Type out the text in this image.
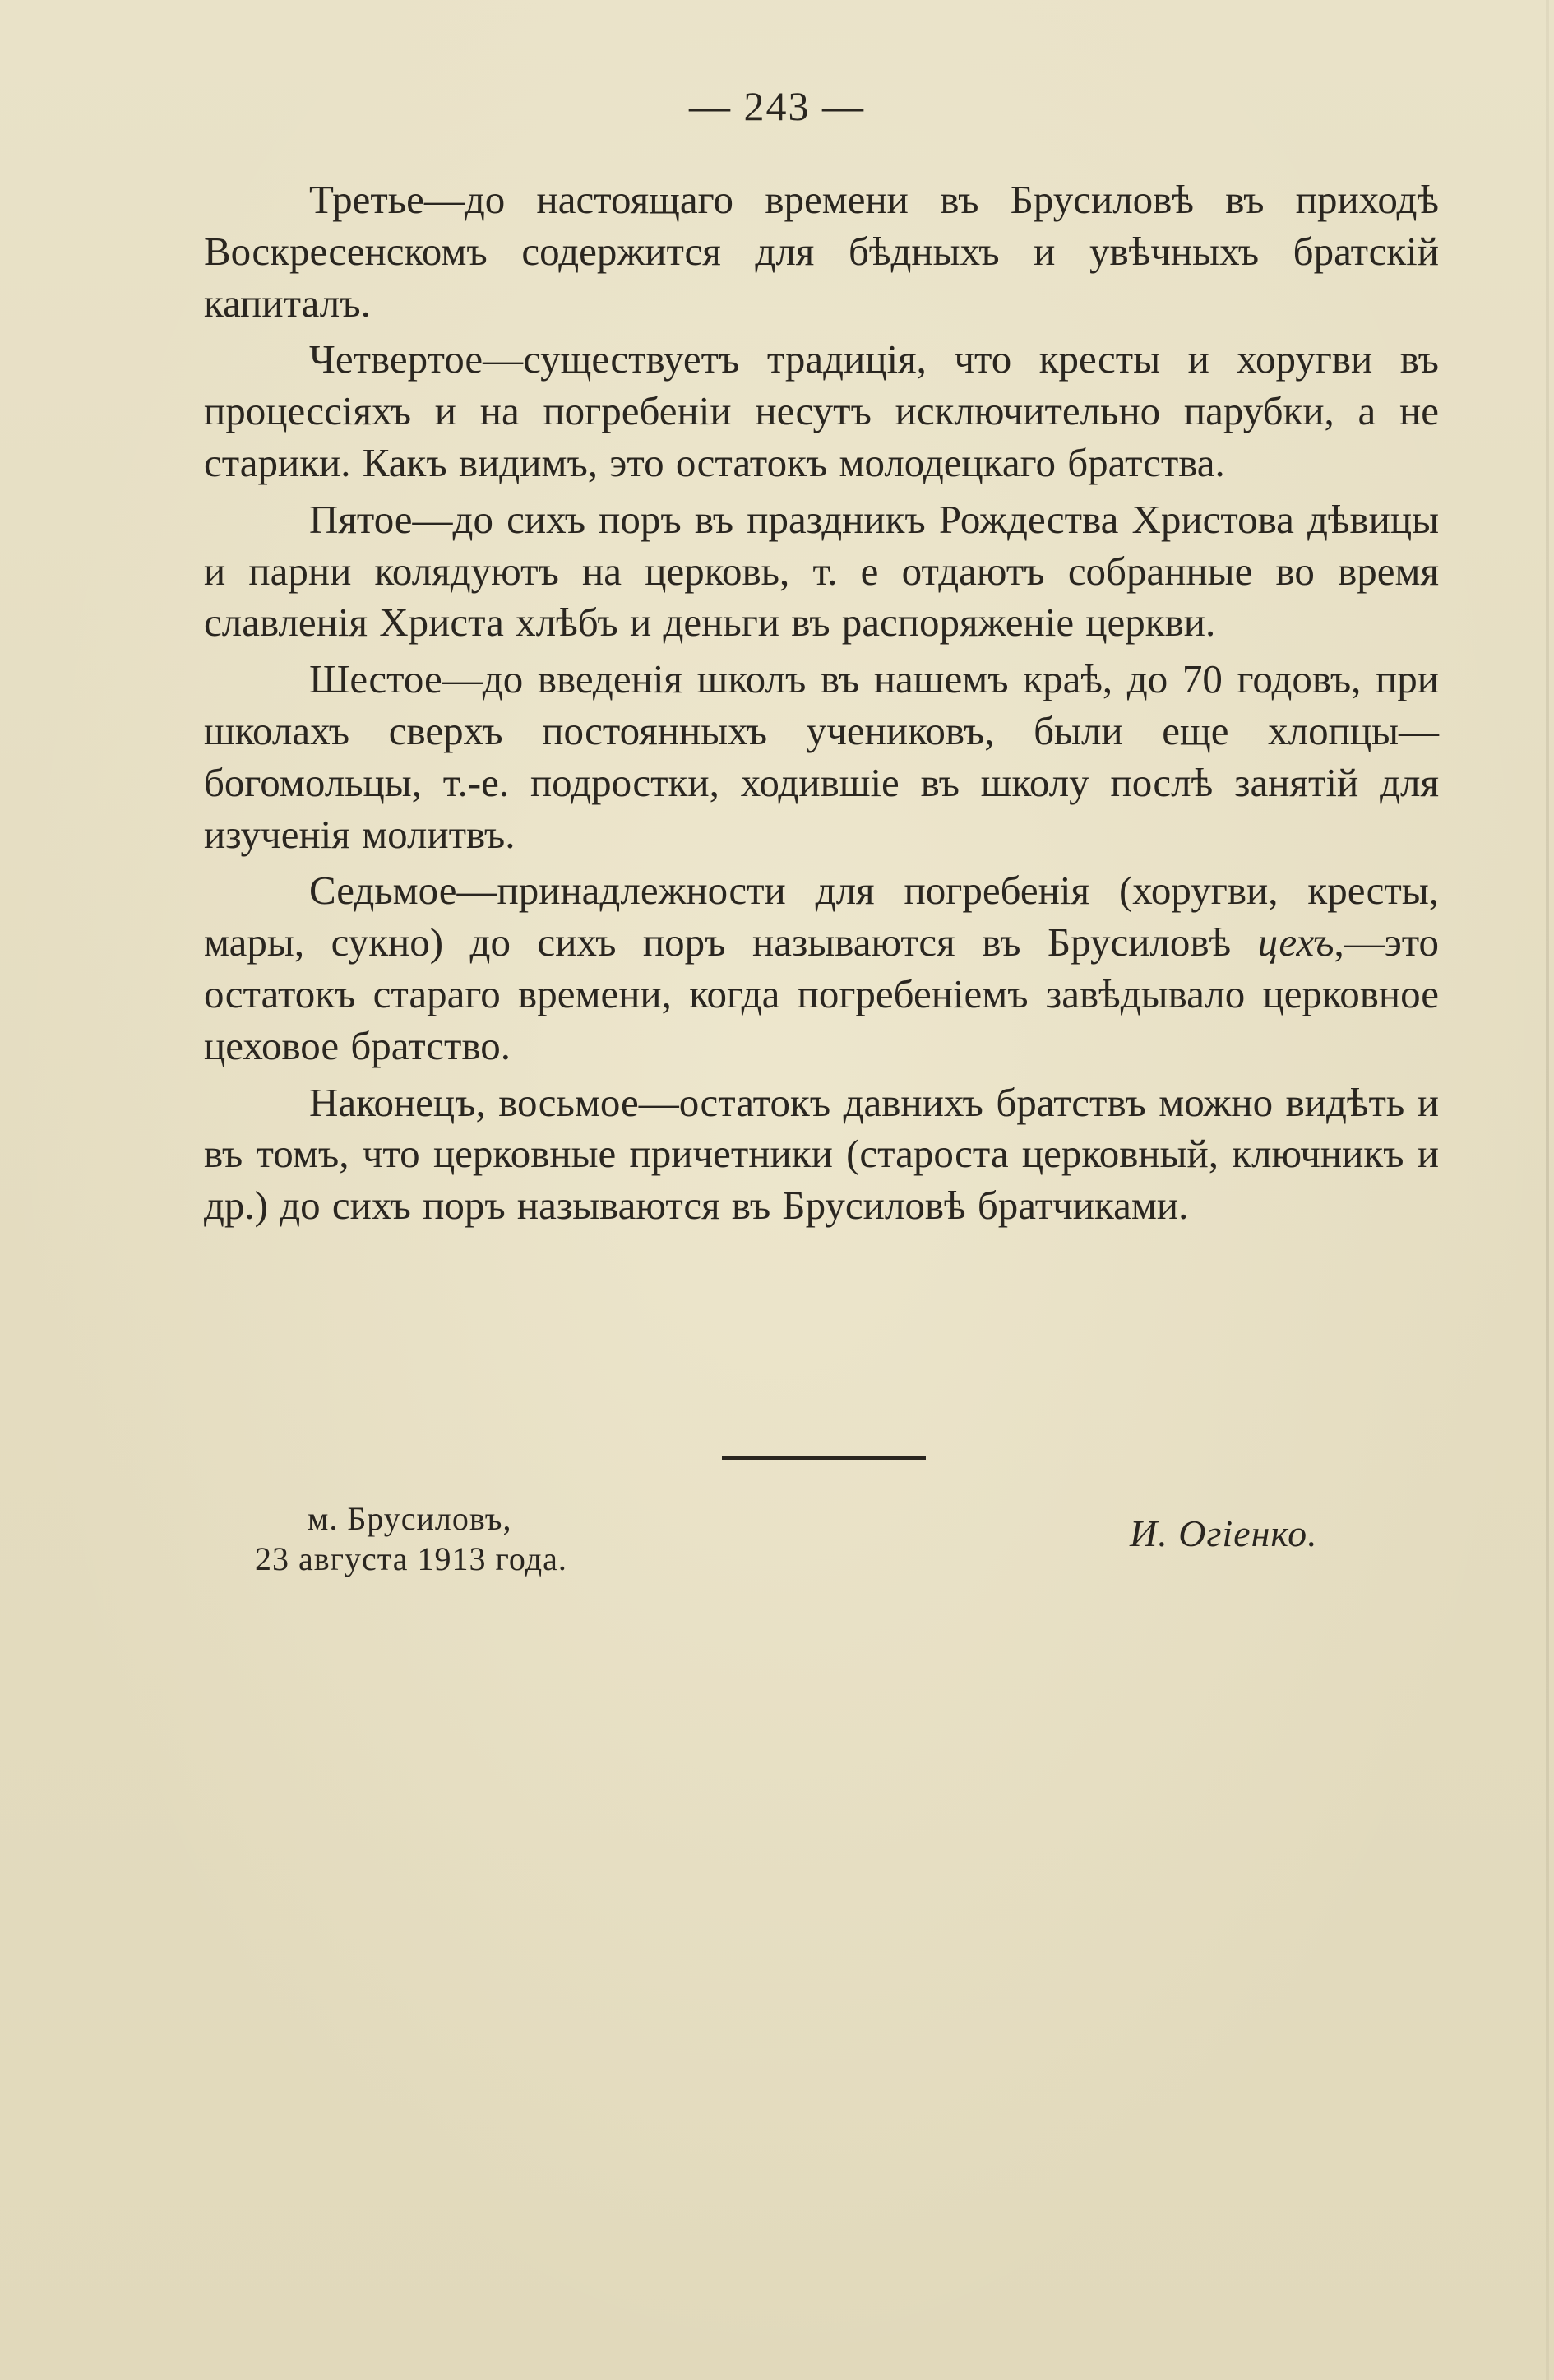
— 243 —

Третье—до настоящаго времени въ Брусиловѣ въ приходѣ Воскресенскомъ содержится для бѣдныхъ и увѣчныхъ братскій капиталъ.

Четвертое—существуетъ традиція, что кресты и хоругви въ процессіяхъ и на погребеніи несутъ исключительно парубки, а не старики. Какъ видимъ, это остатокъ молодецкаго братства.

Пятое—до сихъ поръ въ праздникъ Рождества Христова дѣвицы и парни колядуютъ на церковь, т. е отдаютъ собранные во время славленія Христа хлѣбъ и деньги въ распоряженіе церкви.

Шестое—до введенія школъ въ нашемъ краѣ, до 70 годовъ, при школахъ сверхъ постоянныхъ учениковъ, были еще хлопцы—богомольцы, т.-е. подростки, ходившіе въ школу послѣ занятій для изученія молитвъ.

Седьмое—принадлежности для погребенія (хоругви, кресты, мары, сукно) до сихъ поръ называются въ Брусиловѣ цехъ,—это остатокъ стараго времени, когда погребеніемъ завѣдывало церковное цеховое братство.

Наконецъ, восьмое—остатокъ давнихъ братствъ можно видѣть и въ томъ, что церковные причетники (староста церковный, ключникъ и др.) до сихъ поръ называются въ Брусиловѣ братчиками.

м. Брусиловъ,
23 августа 1913 года.
И. Огіенко.
